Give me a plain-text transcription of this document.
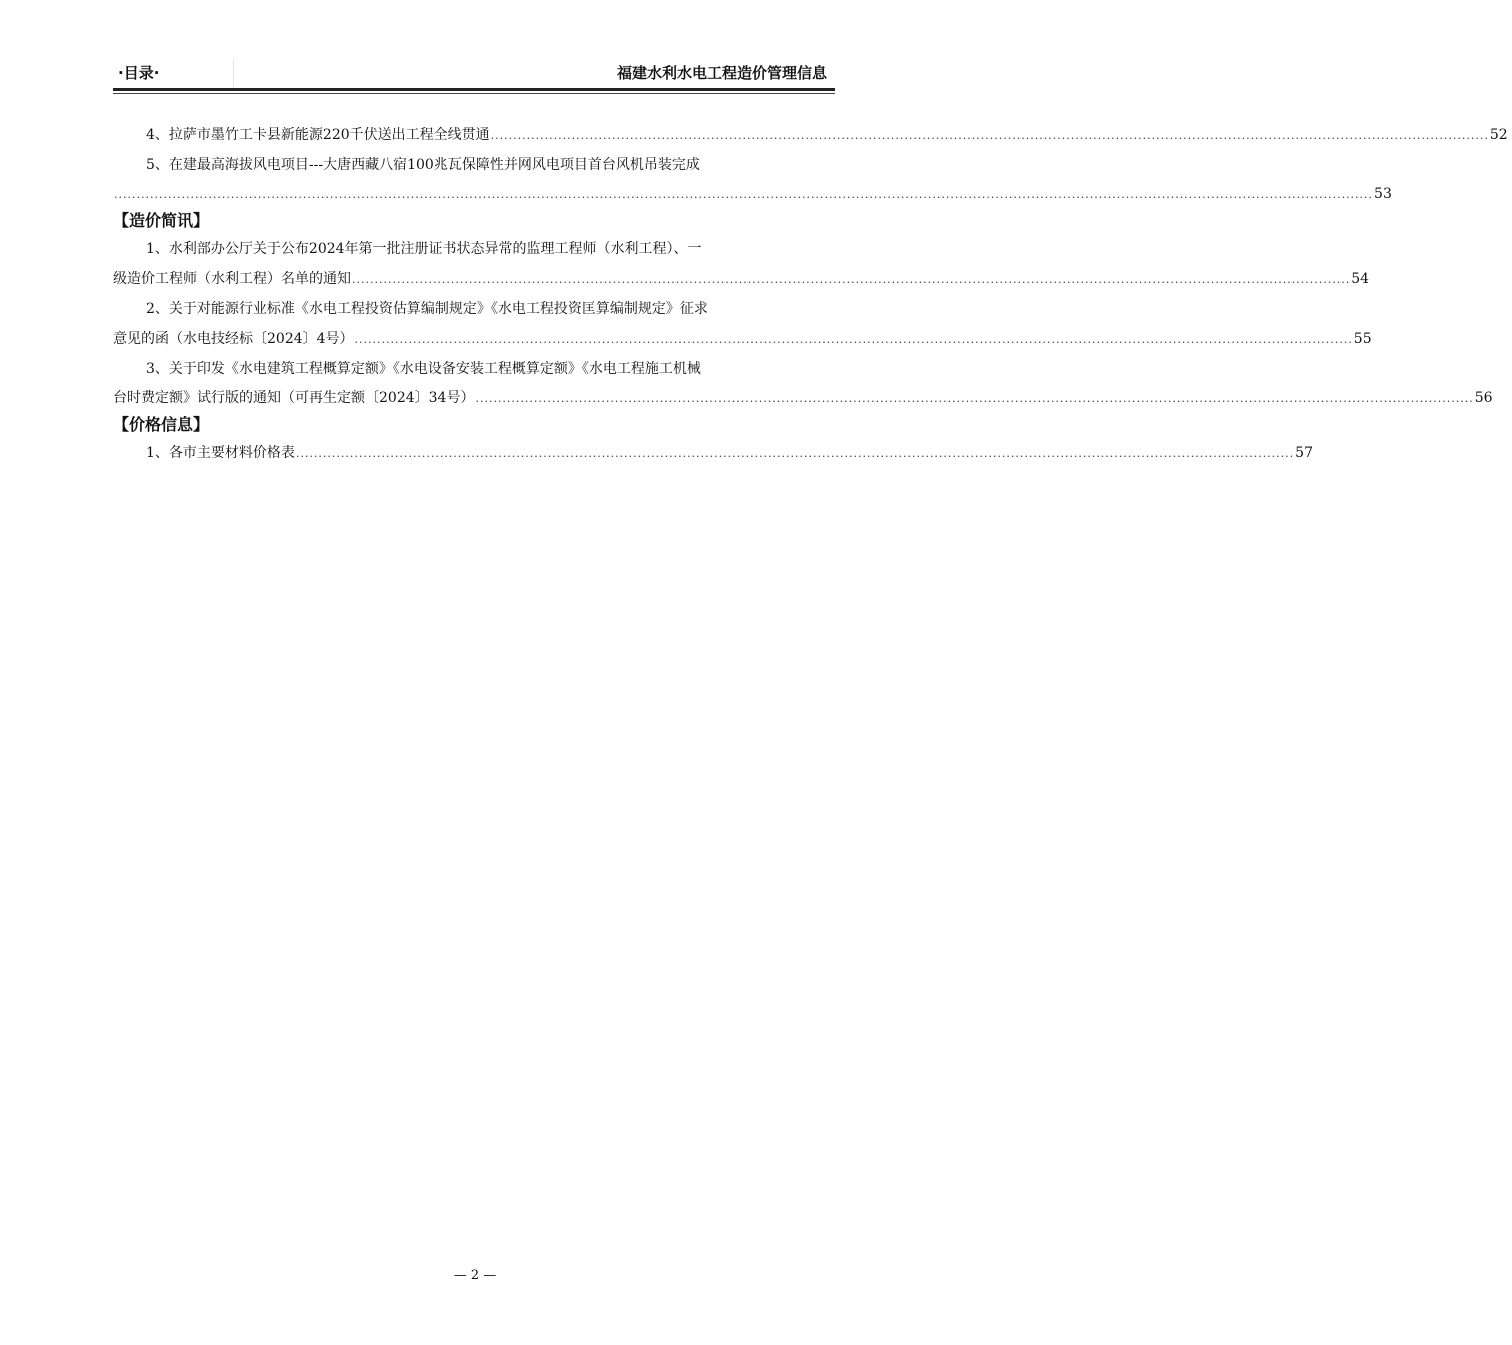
·目录·	福建水利水电工程造价管理信息
4、拉萨市墨竹工卡县新能源220千伏送出工程全线贯通 .............................................................................................................................................................................................................................. 52
5、在建最高海拔风电项目---大唐西藏八宿100兆瓦保障性并网风电项目首台风机吊装完成
........................................................................................................................................................................................................................................................................................ 53
【造价简讯】
1、水利部办公厅关于公布2024年第一批注册证书状态异常的监理工程师（水利工程）、一
级造价工程师（水利工程）名单的通知 .............................................................................................................................................................................................................................. 54
2、关于对能源行业标准《水电工程投资估算编制规定》《水电工程投资匡算编制规定》征求
意见的函（水电技经标〔2024〕4号） .............................................................................................................................................................................................................................. 55
3、关于印发《水电建筑工程概算定额》《水电设备安装工程概算定额》《水电工程施工机械
台时费定额》试行版的通知（可再生定额〔2024〕34号） .............................................................................................................................................................................................................................. 56
【价格信息】
1、各市主要材料价格表 .............................................................................................................................................................................................................................. 57
— 2 —
